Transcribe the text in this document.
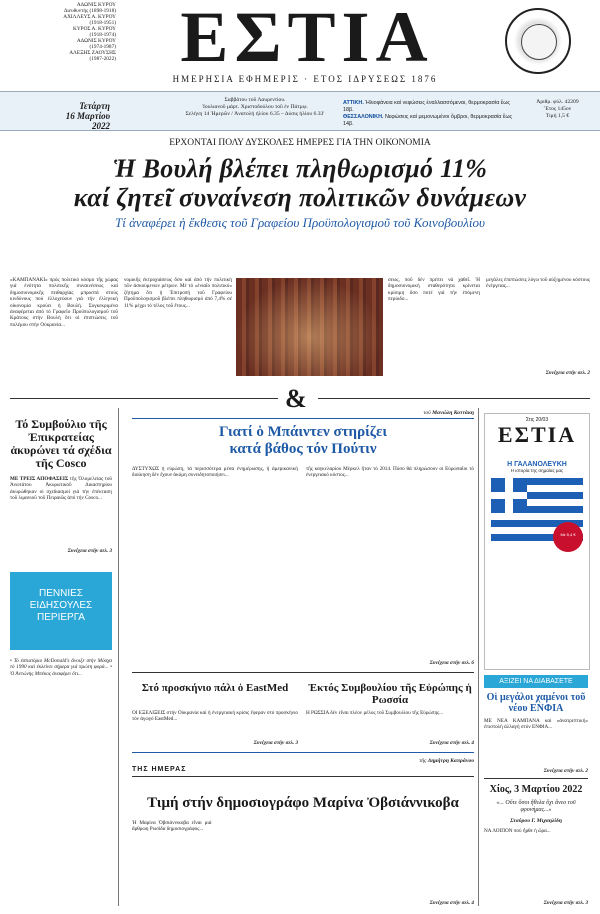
ΑΔΩΝΙΣ ΚΥΡΟΥ
Διευθυντής (1898-1918)
ΑΧΙΛΛΕΥΣ Α. ΚΥΡΟΥ
(1918-1951)
ΚΥΡΟΣ Α. ΚΥΡΟΥ
(1918-1974)
ΑΔΩΝΙΣ ΚΥΡΟΥ
(1974-1987)
ΑΛΕΞΗΣ ΖΑΟΥΣΗΣ
(1987-2022) ΕΣΤΙΑ
ΗΜΕΡΗΣΙΑ ΕΦΗΜΕΡΙΣ · ΕΤΟΣ ΙΔΡΥΣΕΩΣ 1876
Τετάρτη
16 Μαρτίου 2022
Σαββάτου τοῦ Λαυρεντίου.
Ἰουλιανοῦ μάρτ. Χριστοδούλου τοῦ ἐν Πάτμῳ.
Σελήνη 14 Ἡμερῶν / Ἀνατολή ἡλίου 6.35 – Δύσις ἡλίου 6.33'
ΑΤΤΙΚΗ. Ἡλιοφάνεια καί νεφώσεις ἐναλλασσόμεναι, θερμοκρασία ἕως 18β.
ΘΕΣΣΑΛΟΝΙΚΗ. Νεφώσεις καί μεμονωμένοι ὄμβροι, θερμοκρασία ἕως 14β.
Ἀριθμ. φύλ. 42209
Ἔτος 145ον
Τιμή 1,5 €
ΕΡΧΟΝΤΑΙ ΠΟΛΥ ΔΥΣΚΟΛΕΣ ΗΜΕΡΕΣ ΓΙΑ ΤΗΝ ΟΙΚΟΝΟΜΙΑ
Ἡ Βουλή βλέπει πληθωρισμό 11%
καί ζητεῖ συναίνεση πολιτικῶν δυνάμεων
Τί ἀναφέρει ἡ ἔκθεσις τοῦ Γραφείου Προϋπολογισμοῦ τοῦ Κοινοβουλίου
«ΚΑΜΠΑΝΑΚΙ» πρός πολιτικό κόσμο τῆς χώρας γιά ἐνότητα πολιτικῆς συναινέσεως καί δημοσιονομικῆς πειθαρχίας μπροστά στούς κινδύνους πού ἐλλοχεύουν γιά τήν ἑλληνική οἰκονομία κρούει ἡ Βουλή. Συγκεκριμένα ἀναφέρεται ἀπό τό Γραφεῖο Προϋπολογισμοῦ τοῦ Κράτους στήν Βουλή ὅτι οἱ ἐπιπτώσεις τοῦ πολέμου στήν Οὐκρανία...
νομικῆς ἐκτροχιάσεως ὅσο καί ἀπό τήν πολιτική τῶν ἀσκούμενων μέτρων. Μέ τό «ἑνιαῖο πολιτικό» ζήτημα ὅτι ἡ Ἐπιτροπή τοῦ Γραφείου Προϋπολογισμοῦ βλέπει πληθωρισμό ἀπό 7,4% σέ 11% μέχρι τό τέλος τοῦ ἔτους...
σεως, ποῦ δέν πρέπει νά χαθεῖ. Ἡ δημοσιονομική σταθερότητα κρίνεται κρίσιμη ὅσο ποτέ γιά τήν ἐπόμενη περίοδο...
μεγάλες ἐπιπτώσεις λόγω τοῦ αὐξημένου κόστους ἐνέργειας...
Συνέχεια στήν σελ. 2
&
Τό Συμβούλιο τῆς Ἐπικρατείας ἀκυρώνει τά σχέδια τῆς Cosco
ΜΕ ΤΡΕΙΣ ΑΠΟΦΑΣΕΙΣ τῆς Ὁλομελείας τοῦ Ἀνωτάτου Ἀκυρωτικοῦ Δικαστηρίου ἀκυρώθηκαν οἱ σχεδιασμοί γιά τήν ἐπέκταση τοῦ λιμανιοῦ τοῦ Πειραιῶς ἀπό τήν Cosco...
Συνέχεια στήν σελ. 3
ΠΕΝΝΙΕΣ
ΕΙΔΗΣΟΥΛΕΣ
ΠΕΡΙΕΡΓΑ
• Τό ἐστιατόριο McDonald's ἄνοιξε στήν Μόσχα τό 1990 καί ἐκλείνει σήμερα γιά πρώτη φορά... • Ὁ Ἀντώνης Μπέκος ἀναφέρει ὅτι...
τοῦ Μανώλη Κοττάκη
Γιατί ὁ Μπάιντεν στηρίζει
κατά βάθος τόν Πούτιν
ΔΥΣΤΥΧΩΣ ἡ εὐρώπη, τά περισσότερα μέσα ἐνημέρωσης, ἡ ἀμερικανική διοίκηση δέν ἔχουν ἀκόμη συνειδητοποιήσει...
τῆς καγκελαρίου Μέρκελ ἤταν τό 2014. Πόσο θά πληρώσουν οἱ Εὐρωπαῖοι τό ἐνεργειακό κόστος...
Συνέχεια στήν σελ. 6
Στις 20/03
ΕΣΤΙΑ
Η ΓΑΛΑΝΟΛΕΥΚΗ
Η ιστορία της σημαίας μας
Με 5,4 €
ΑΞΙΖΕΙ ΝΑ ΔΙΑΒΑΣΕΤΕ
Οἱ μεγάλοι χαμένοι τοῦ νέου ΕΝΦΙΑ
ΜΕ ΝΕΑ ΚΑΜΠΑΝΑ καί «ἀνατρεπτική» ἐπιστολή ἀλλαγή στόν ΕΝΦΙΑ...
Συνέχεια στήν σελ. 2
Στό προσκήνιο πάλι ὁ EastMed
ΟΙ ΕΞΕΛΙΞΕΙΣ στήν Οὐκρανία καί ἡ ἐνεργειακή κρίσις ἔφεραν στό προσκήνιο τόν ἀγωγό EastMed...
Συνέχεια στήν σελ. 3
Ἐκτός Συμβουλίου τῆς Εὐρώπης ἡ Ρωσσία
Η ΡΩΣΣΙΑ δέν εἶναι πλέον μέλος τοῦ Συμβουλίου τῆς Εὐρώπης...
Συνέχεια στήν σελ. 4
Χίος, 3 Μαρτίου 2022
«... Οὔτε ὅσοι ἤθελα ὅχι ἄνεο τοῦ φρονήμας...»
Σταύρου Γ. Μιχαηλίδη
ΝΑ ΛΟΙΠΟΝ πού ἦρθε ἡ ὥρα...
Συνέχεια στήν σελ. 3
ΤΗΣ ΗΜΕΡΑΣ
τῆς Δημήτρη Καπράνου
Τιμή στήν δημοσιογράφο Μαρίνα Ὀβσιάννικοβα
Ἡ Μαρίνα Ὀβσιάννικοβα εἶναι μιά ἄρθρωη Ρωσίδα δημοσιογράφος...
Συνέχεια στήν σελ. 4
